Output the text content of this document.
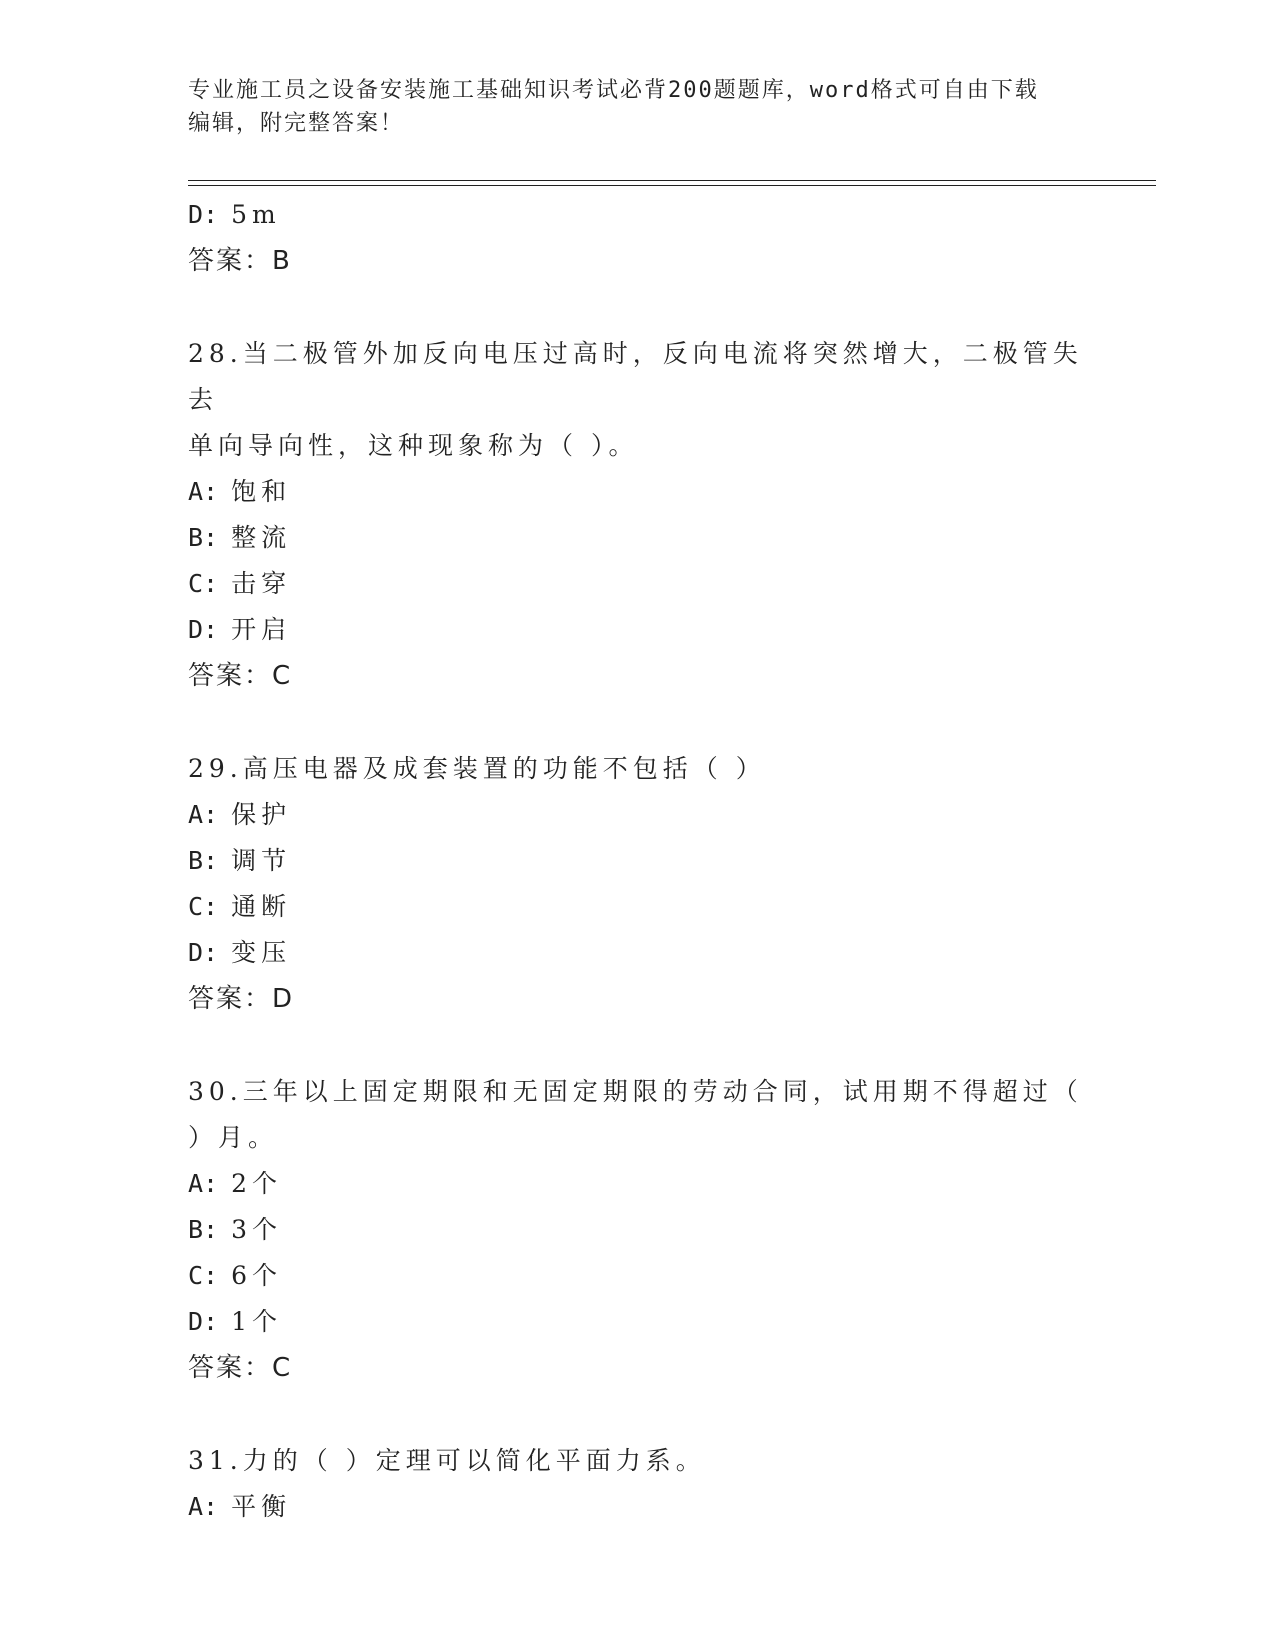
专业施工员之设备安装施工基础知识考试必背200题题库，word格式可自由下载
编辑，附完整答案！
D: 5m
答案：B
28.当二极管外加反向电压过高时，反向电流将突然增大，二极管失去
单向导向性，这种现象称为（ ）。
A: 饱和
B: 整流
C: 击穿
D: 开启
答案：C
29.高压电器及成套装置的功能不包括（ ）
A: 保护
B: 调节
C: 通断
D: 变压
答案：D
30.三年以上固定期限和无固定期限的劳动合同，试用期不得超过（
）月。
A: 2个
B: 3个
C: 6个
D: 1个
答案：C
31.力的（ ）定理可以简化平面力系。
A: 平衡
